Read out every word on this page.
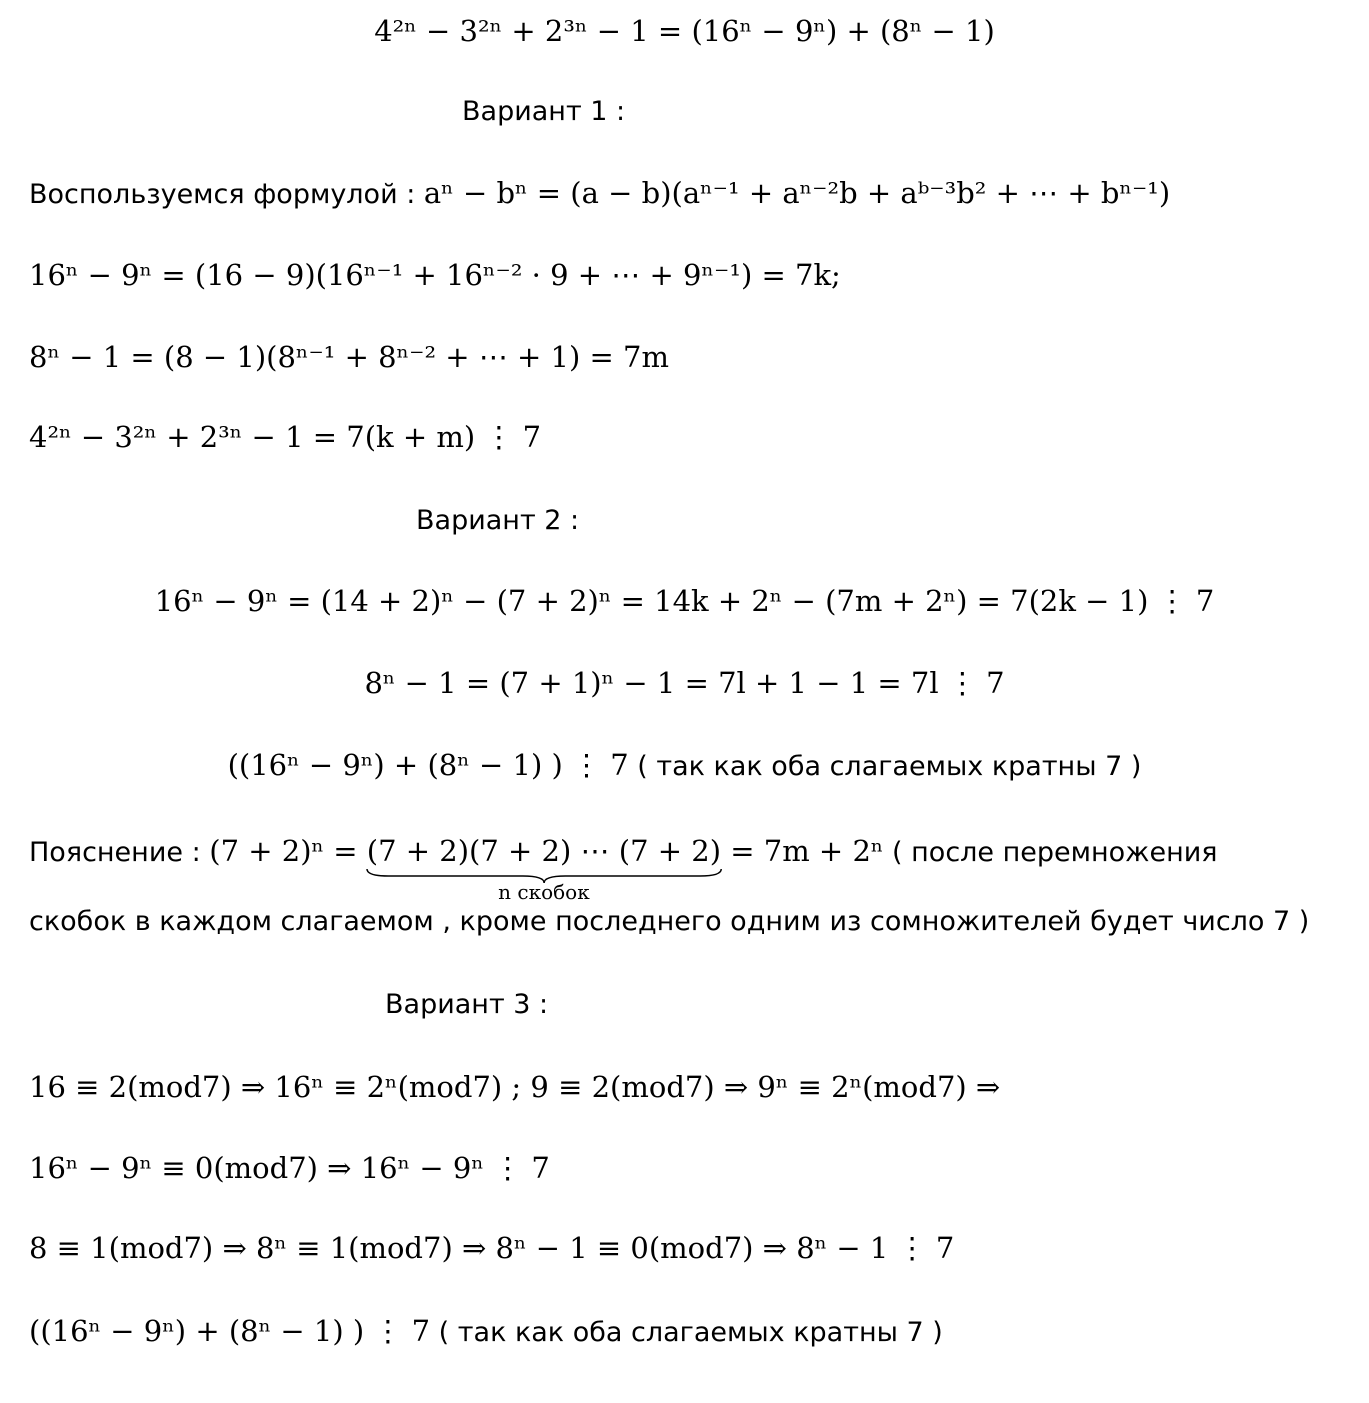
4²ⁿ − 3²ⁿ + 2³ⁿ − 1 = (16ⁿ − 9ⁿ) + (8ⁿ − 1)
Вариант 1 :
Воспользуемся формулой : aⁿ − bⁿ = (a − b)(aⁿ⁻¹ + aⁿ⁻²b + aᵇ⁻³b² + ⋯ + bⁿ⁻¹)
16ⁿ − 9ⁿ = (16 − 9)(16ⁿ⁻¹ + 16ⁿ⁻² · 9 + ⋯ + 9ⁿ⁻¹) = 7k;
8ⁿ − 1 = (8 − 1)(8ⁿ⁻¹ + 8ⁿ⁻² + ⋯ + 1) = 7m
4²ⁿ − 3²ⁿ + 2³ⁿ − 1 = 7(k + m) ⋮ 7
Вариант 2 :
16ⁿ − 9ⁿ = (14 + 2)ⁿ − (7 + 2)ⁿ = 14k + 2ⁿ − (7m + 2ⁿ) = 7(2k − 1) ⋮ 7
8ⁿ − 1 = (7 + 1)ⁿ − 1 = 7l + 1 − 1 = 7l ⋮ 7
((16ⁿ − 9ⁿ) + (8ⁿ − 1) ) ⋮ 7 ( так как оба слагаемых кратны 7 )
Пояснение : (7 + 2)ⁿ = (7 + 2)(7 + 2) ⋯ (7 + 2)
n скобок
= 7m + 2ⁿ ( после перемножения
скобок в каждом слагаемом , кроме последнего одним из сомножителей будет число 7 )
Вариант 3 :
16 ≡ 2(mod7) ⇒ 16ⁿ ≡ 2ⁿ(mod7) ; 9 ≡ 2(mod7) ⇒ 9ⁿ ≡ 2ⁿ(mod7) ⇒
16ⁿ − 9ⁿ ≡ 0(mod7) ⇒ 16ⁿ − 9ⁿ ⋮ 7
8 ≡ 1(mod7) ⇒ 8ⁿ ≡ 1(mod7) ⇒ 8ⁿ − 1 ≡ 0(mod7) ⇒ 8ⁿ − 1 ⋮ 7
((16ⁿ − 9ⁿ) + (8ⁿ − 1) ) ⋮ 7 ( так как оба слагаемых кратны 7 )
